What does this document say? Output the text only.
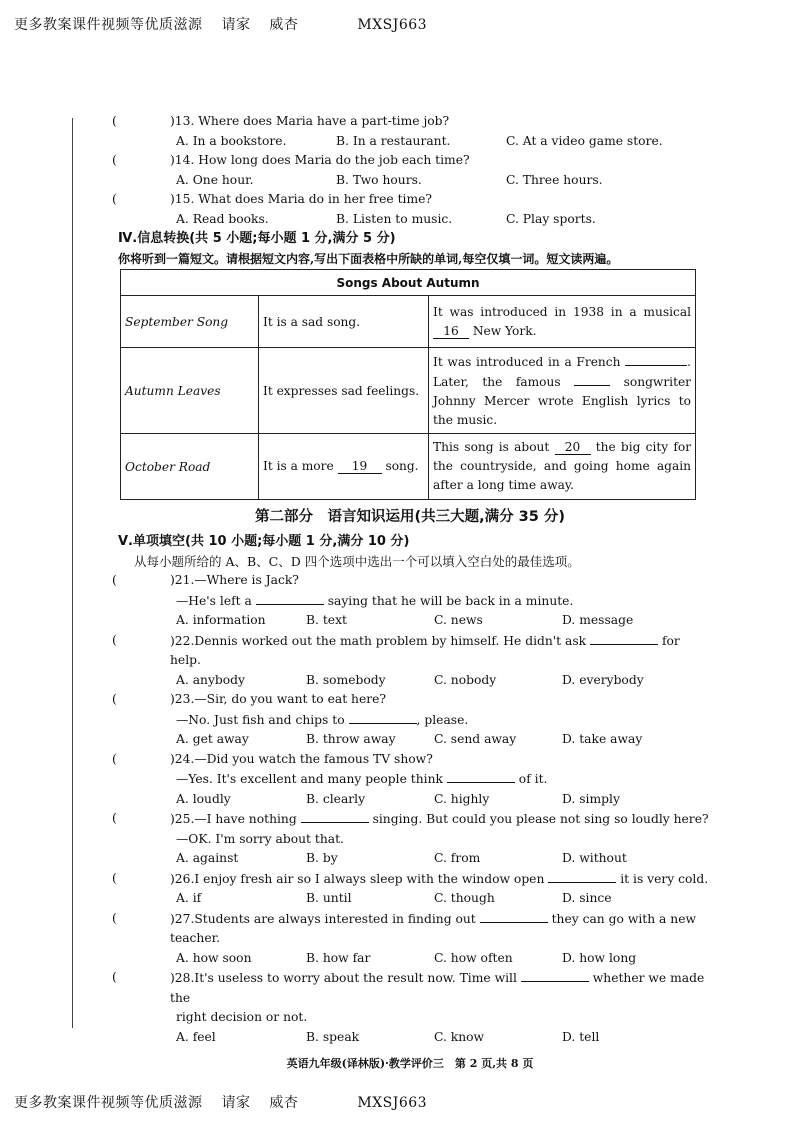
更多教案课件视频等优质滋源 请家 威杏	MXSJ663
(	)13. Where does Maria have a part-time job?
A. In a bookstore.	B. In a restaurant.	C. At a video game store.
(	)14. How long does Maria do the job each time?
A. One hour.	B. Two hours.	C. Three hours.
(	)15. What does Maria do in her free time?
A. Read books.	B. Listen to music.	C. Play sports.
Ⅳ.信息转换(共 5 小题;每小题 1 分,满分 5 分)
你将听到一篇短文。请根据短文内容,写出下面表格中所缺的单词,每空仅填一词。短文读两遍。
Songs About Autumn		
September Song	It is a sad song.	It was introduced in 1938 in a musical 16 New York.
Autumn Leaves	It expresses sad feelings.	It was introduced in a French . Later, the famous songwriter Johnny Mercer wrote English lyrics to the music.
October Road	It is a more 19 song.	This song is about 20 the big city for the countryside, and going home again after a long time away.
第二部分　语言知识运用(共三大题,满分 35 分)
Ⅴ.单项填空(共 10 小题;每小题 1 分,满分 10 分)
从每小题所给的 A、B、C、D 四个选项中选出一个可以填入空白处的最佳选项。
(	)21.—Where is Jack?
—He's left a	saying that he will be back in a minute.
A. information	B. text	C. news	D. message
(	)22.Dennis worked out the math problem by himself. He didn't ask	for help.
A. anybody	B. somebody	C. nobody	D. everybody
(	)23.—Sir, do you want to eat here?
—No. Just fish and chips to	, please.
A. get away	B. throw away	C. send away	D. take away
(	)24.—Did you watch the famous TV show?
—Yes. It's excellent and many people think	of it.
A. loudly	B. clearly	C. highly	D. simply
(	)25.—I have nothing	singing. But could you please not sing so loudly here?
—OK. I'm sorry about that.
A. against	B. by	C. from	D. without
(	)26.I enjoy fresh air so I always sleep with the window open	it is very cold.
A. if	B. until	C. though	D. since
(	)27.Students are always interested in finding out	they can go with a new teacher.
A. how soon	B. how far	C. how often	D. how long
(	)28.It's useless to worry about the result now. Time will	whether we made the
right decision or not.
A. feel	B. speak	C. know	D. tell
英语九年级(译林版)·教学评价三　第 2 页,共 8 页
更多教案课件视频等优质滋源 请家 威杏	MXSJ663
